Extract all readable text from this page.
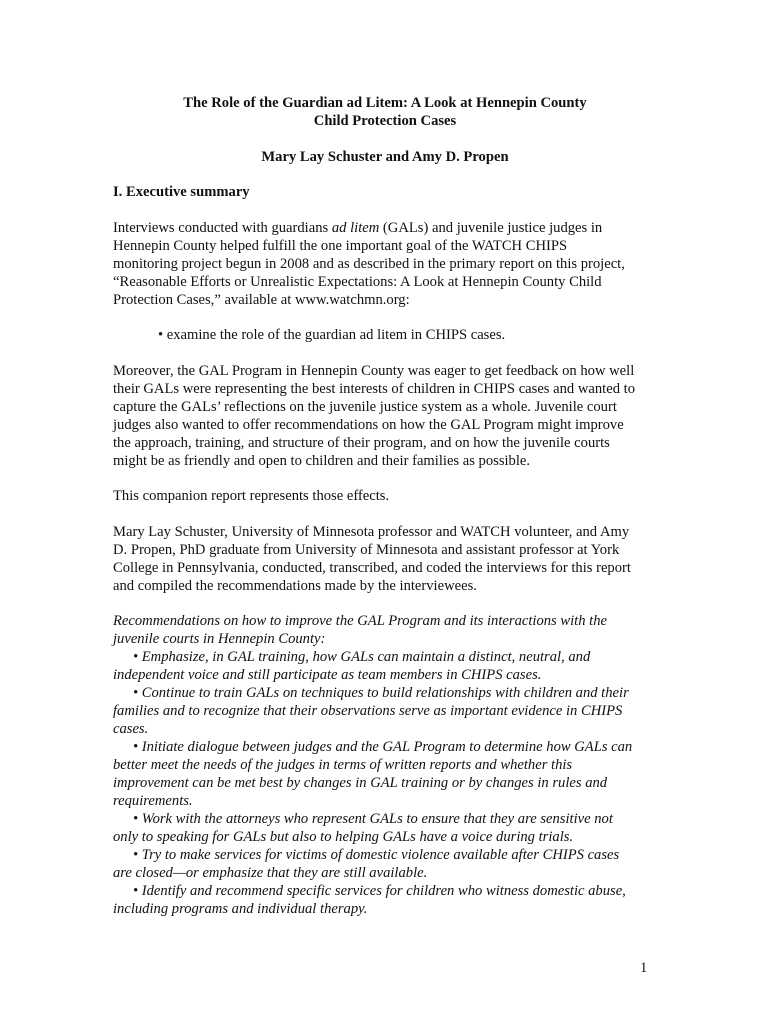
The Role of the Guardian ad Litem: A Look at Hennepin County
Child Protection Cases
Mary Lay Schuster and Amy D. Propen
I. Executive summary
Interviews conducted with guardians ad litem (GALs) and juvenile justice judges in
Hennepin County helped fulfill the one important goal of the WATCH CHIPS
monitoring project begun in 2008 and as described in the primary report on this project,
“Reasonable Efforts or Unrealistic Expectations: A Look at Hennepin County Child
Protection Cases,” available at www.watchmn.org:
• examine the role of the guardian ad litem in CHIPS cases.
Moreover, the GAL Program in Hennepin County was eager to get feedback on how well
their GALs were representing the best interests of children in CHIPS cases and wanted to
capture the GALs’ reflections on the juvenile justice system as a whole. Juvenile court
judges also wanted to offer recommendations on how the GAL Program might improve
the approach, training, and structure of their program, and on how the juvenile courts
might be as friendly and open to children and their families as possible.
This companion report represents those effects.
Mary Lay Schuster, University of Minnesota professor and WATCH volunteer, and Amy
D. Propen, PhD graduate from University of Minnesota and assistant professor at York
College in Pennsylvania, conducted, transcribed, and coded the interviews for this report
and compiled the recommendations made by the interviewees.
Recommendations on how to improve the GAL Program and its interactions with the
juvenile courts in Hennepin County:
• Emphasize, in GAL training, how GALs can maintain a distinct, neutral, and
independent voice and still participate as team members in CHIPS cases.
• Continue to train GALs on techniques to build relationships with children and their
families and to recognize that their observations serve as important evidence in CHIPS
cases.
• Initiate dialogue between judges and the GAL Program to determine how GALs can
better meet the needs of the judges in terms of written reports and whether this
improvement can be met best by changes in GAL training or by changes in rules and
requirements.
• Work with the attorneys who represent GALs to ensure that they are sensitive not
only to speaking for GALs but also to helping GALs have a voice during trials.
• Try to make services for victims of domestic violence available after CHIPS cases
are closed—or emphasize that they are still available.
• Identify and recommend specific services for children who witness domestic abuse,
including programs and individual therapy.
1
